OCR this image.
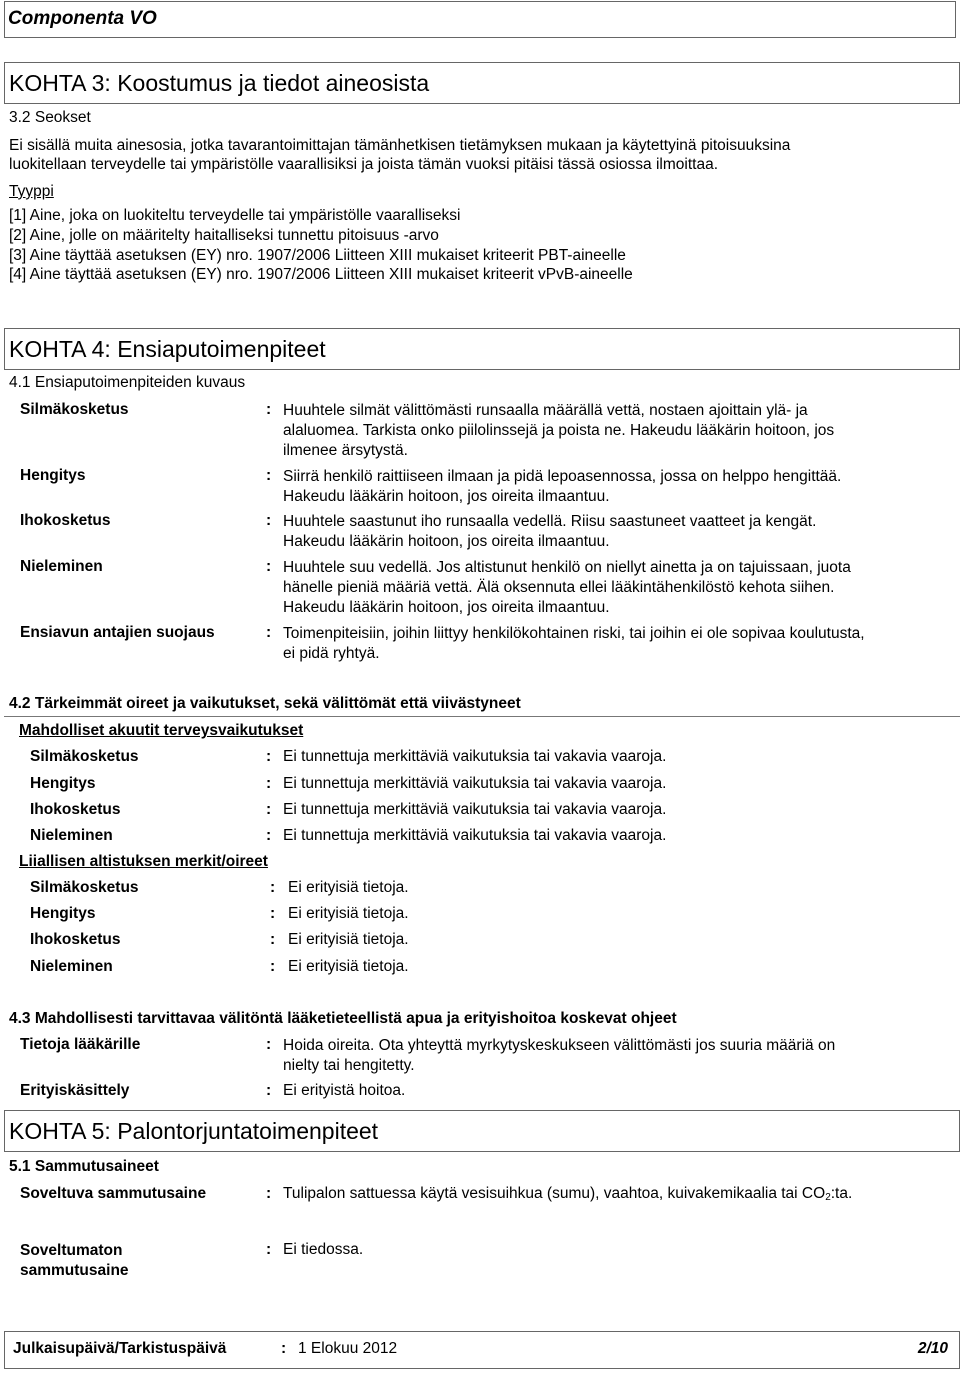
Componenta VO
KOHTA 3: Koostumus ja tiedot aineosista
3.2 Seokset
Ei sisällä muita ainesosia, jotka tavarantoimittajan tämänhetkisen tietämyksen mukaan ja käytettyinä pitoisuuksina
luokitellaan terveydelle tai ympäristölle vaarallisiksi ja joista tämän vuoksi pitäisi tässä osiossa ilmoittaa.
Tyyppi
[1] Aine, joka on luokiteltu terveydelle tai ympäristölle vaaralliseksi
[2] Aine, jolle on määritelty haitalliseksi tunnettu pitoisuus -arvo
[3] Aine täyttää asetuksen (EY) nro. 1907/2006 Liitteen XIII mukaiset kriteerit PBT-aineelle
[4] Aine täyttää asetuksen (EY) nro. 1907/2006 Liitteen XIII mukaiset kriteerit vPvB-aineelle
KOHTA 4: Ensiaputoimenpiteet
4.1 Ensiaputoimenpiteiden kuvaus
Silmäkosketus	: Huuhtele silmät välittömästi runsaalla määrällä vettä, nostaen ajoittain ylä- ja
alaluomea. Tarkista onko piilolinssejä ja poista ne. Hakeudu lääkärin hoitoon, jos
ilmenee ärsytystä.
Hengitys	: Siirrä henkilö raittiiseen ilmaan ja pidä lepoasennossa, jossa on helppo hengittää.
Hakeudu lääkärin hoitoon, jos oireita ilmaantuu.
Ihokosketus	: Huuhtele saastunut iho runsaalla vedellä. Riisu saastuneet vaatteet ja kengät.
Hakeudu lääkärin hoitoon, jos oireita ilmaantuu.
Nieleminen	: Huuhtele suu vedellä. Jos altistunut henkilö on niellyt ainetta ja on tajuissaan, juota
hänelle pieniä määriä vettä. Älä oksennuta ellei lääkintähenkilöstö kehota siihen.
Hakeudu lääkärin hoitoon, jos oireita ilmaantuu.
Ensiavun antajien suojaus	: Toimenpiteisiin, joihin liittyy henkilökohtainen riski, tai joihin ei ole sopivaa koulutusta,
ei pidä ryhtyä.
4.2 Tärkeimmät oireet ja vaikutukset, sekä välittömät että viivästyneet
Mahdolliset akuutit terveysvaikutukset
Silmäkosketus	: Ei tunnettuja merkittäviä vaikutuksia tai vakavia vaaroja.
Hengitys	: Ei tunnettuja merkittäviä vaikutuksia tai vakavia vaaroja.
Ihokosketus	: Ei tunnettuja merkittäviä vaikutuksia tai vakavia vaaroja.
Nieleminen	: Ei tunnettuja merkittäviä vaikutuksia tai vakavia vaaroja.
Liiallisen altistuksen merkit/oireet
Silmäkosketus	: Ei erityisiä tietoja.
Hengitys	: Ei erityisiä tietoja.
Ihokosketus	: Ei erityisiä tietoja.
Nieleminen	: Ei erityisiä tietoja.
4.3 Mahdollisesti tarvittavaa välitöntä lääketieteellistä apua ja erityishoitoa koskevat ohjeet
Tietoja lääkärille	: Hoida oireita. Ota yhteyttä myrkytyskeskukseen välittömästi jos suuria määriä on
nielty tai hengitetty.
Erityiskäsittely	: Ei erityistä hoitoa.
KOHTA 5: Palontorjuntatoimenpiteet
5.1 Sammutusaineet
Soveltuva sammutusaine	: Tulipalon sattuessa käytä vesisuihkua (sumu), vaahtoa, kuivakemikaalia tai $CO_2:ta$.
Soveltumaton
sammutusaine
: Ei tiedossa.
Julkaisupäivä/Tarkistuspäivä	: 1 Elokuu 2012	2/10
